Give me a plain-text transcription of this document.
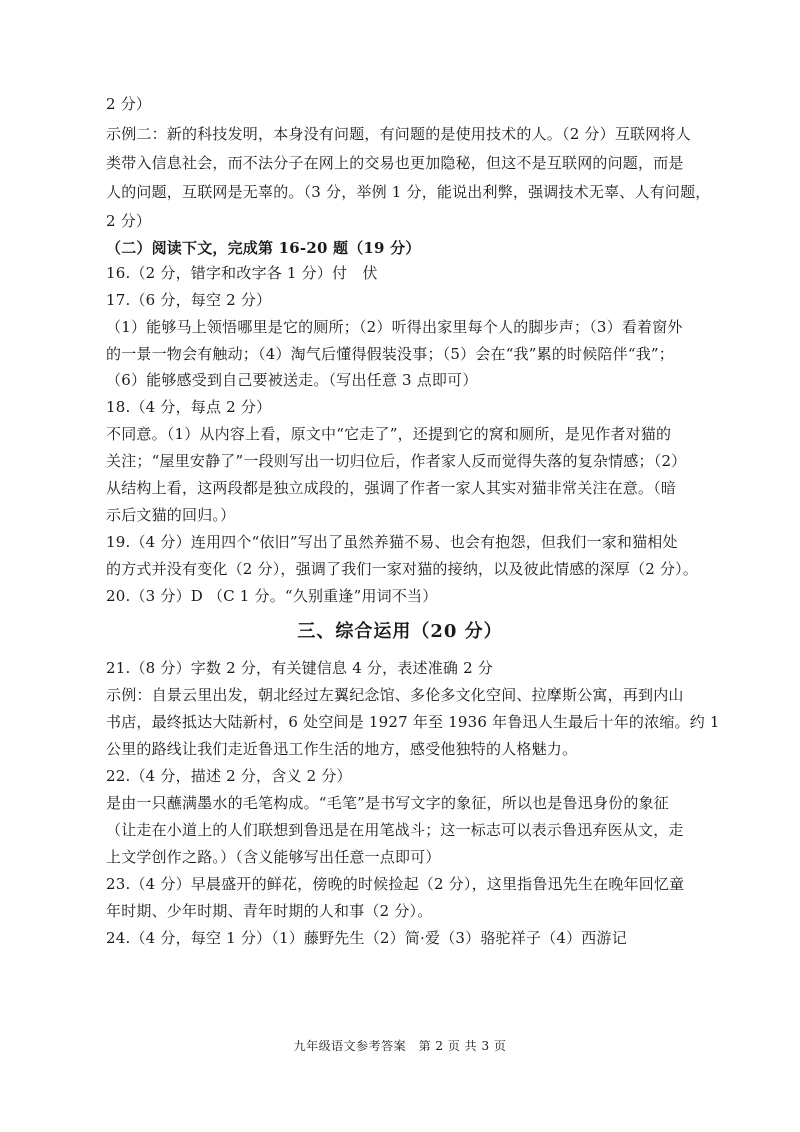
2 分）
示例二：新的科技发明，本身没有问题，有问题的是使用技术的人。（2 分）互联网将人
类带入信息社会，而不法分子在网上的交易也更加隐秘，但这不是互联网的问题，而是
人的问题，互联网是无辜的。（3 分，举例 1 分，能说出利弊，强调技术无辜、人有问题，
2 分）
（二）阅读下文，完成第 16-20 题（19 分）
16.（2 分，错字和改字各 1 分）付　伏
17.（6 分，每空 2 分）
（1）能够马上领悟哪里是它的厕所；（2）听得出家里每个人的脚步声；（3）看着窗外
的一景一物会有触动；（4）淘气后懂得假装没事；（5）会在“我”累的时候陪伴“我”；
（6）能够感受到自己要被送走。（写出任意 3 点即可）
18.（4 分，每点 2 分）
不同意。（1）从内容上看，原文中“它走了”，还提到它的窝和厕所，是见作者对猫的
关注；“屋里安静了”一段则写出一切归位后，作者家人反而觉得失落的复杂情感；（2）
从结构上看，这两段都是独立成段的，强调了作者一家人其实对猫非常关注在意。（暗
示后文猫的回归。）
19.（4 分）连用四个“依旧”写出了虽然养猫不易、也会有抱怨，但我们一家和猫相处
的方式并没有变化（2 分），强调了我们一家对猫的接纳，以及彼此情感的深厚（2 分）。
20.（3 分）D （C 1 分。“久别重逢”用词不当）
三、综合运用（20 分）
21.（8 分）字数 2 分，有关键信息 4 分，表述准确 2 分
示例：自景云里出发，朝北经过左翼纪念馆、多伦多文化空间、拉摩斯公寓，再到内山
书店，最终抵达大陆新村，6 处空间是 1927 年至 1936 年鲁迅人生最后十年的浓缩。约 1
公里的路线让我们走近鲁迅工作生活的地方，感受他独特的人格魅力。
22.（4 分，描述 2 分，含义 2 分）
是由一只蘸满墨水的毛笔构成。“毛笔”是书写文字的象征，所以也是鲁迅身份的象征
（让走在小道上的人们联想到鲁迅是在用笔战斗；这一标志可以表示鲁迅弃医从文，走
上文学创作之路。）（含义能够写出任意一点即可）
23.（4 分）早晨盛开的鲜花，傍晚的时候捡起（2 分），这里指鲁迅先生在晚年回忆童
年时期、少年时期、青年时期的人和事（2 分）。
24.（4 分，每空 1 分）（1）藤野先生（2）简·爱（3）骆驼祥子（4）西游记
九年级语文参考答案　第 2 页 共 3 页
